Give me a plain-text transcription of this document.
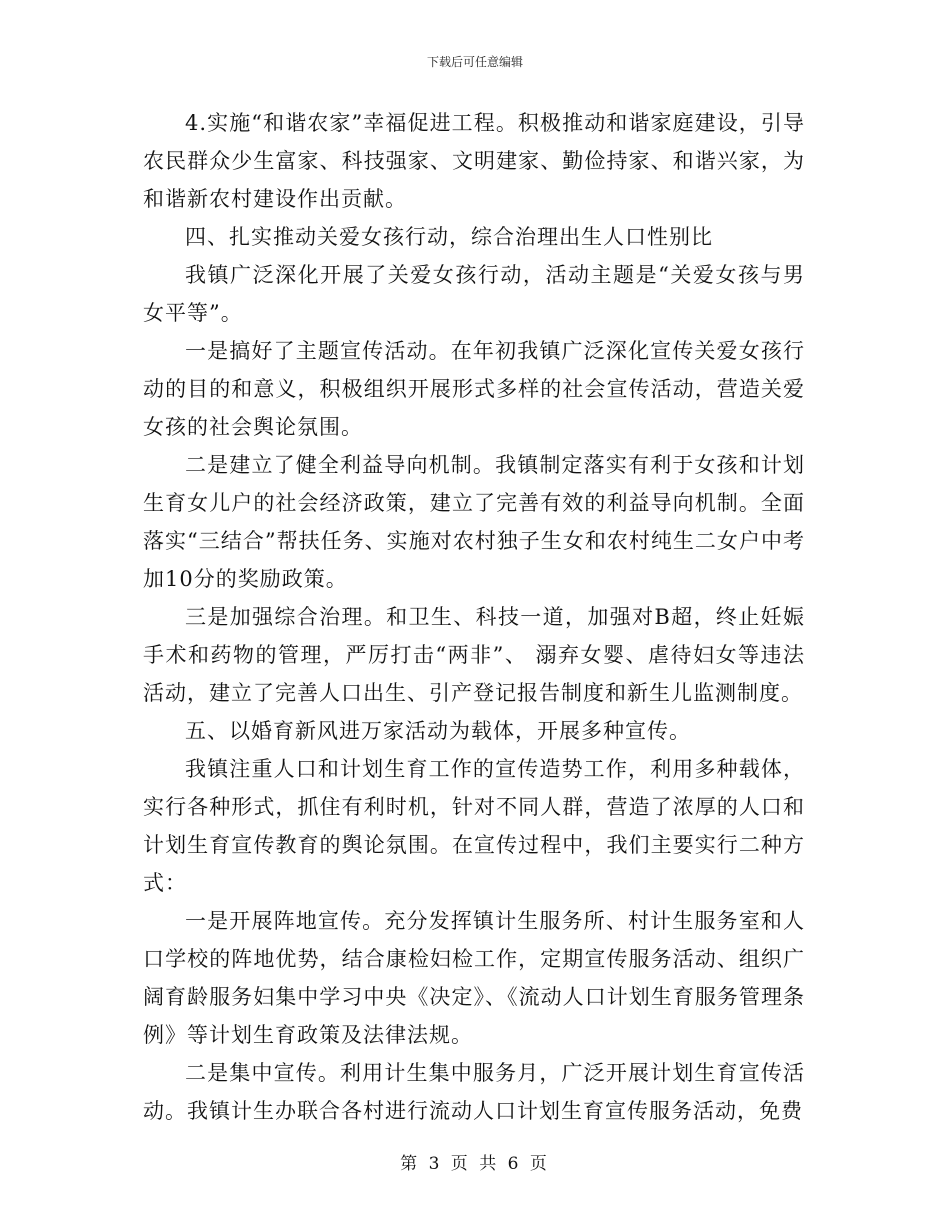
下载后可任意编辑

4.实施“和谐农家”幸福促进工程。积极推动和谐家庭建设，引导农民群众少生富家、科技强家、文明建家、勤俭持家、和谐兴家，为和谐新农村建设作出贡献。

四、扎实推动关爱女孩行动，综合治理出生人口性别比

我镇广泛深化开展了关爱女孩行动，活动主题是“关爱女孩与男女平等”。

一是搞好了主题宣传活动。在年初我镇广泛深化宣传关爱女孩行动的目的和意义，积极组织开展形式多样的社会宣传活动，营造关爱女孩的社会舆论氛围。

二是建立了健全利益导向机制。我镇制定落实有利于女孩和计划生育女儿户的社会经济政策，建立了完善有效的利益导向机制。全面落实“三结合”帮扶任务、实施对农村独子生女和农村纯生二女户中考加10分的奖励政策。

三是加强综合治理。和卫生、科技一道，加强对B超，终止妊娠手术和药物的管理，严厉打击“两非”、 溺弃女婴、虐待妇女等违法活动，建立了完善人口出生、引产登记报告制度和新生儿监测制度。

五、以婚育新风进万家活动为载体，开展多种宣传。

我镇注重人口和计划生育工作的宣传造势工作，利用多种载体，实行各种形式，抓住有利时机，针对不同人群，营造了浓厚的人口和计划生育宣传教育的舆论氛围。在宣传过程中，我们主要实行二种方式：

一是开展阵地宣传。充分发挥镇计生服务所、村计生服务室和人口学校的阵地优势，结合康检妇检工作，定期宣传服务活动、组织广阔育龄服务妇集中学习中央《决定》、《流动人口计划生育服务管理条例》等计划生育政策及法律法规。

二是集中宣传。利用计生集中服务月，广泛开展计划生育宣传活动。我镇计生办联合各村进行流动人口计划生育宣传服务活动，免费

第 3 页 共 6 页
